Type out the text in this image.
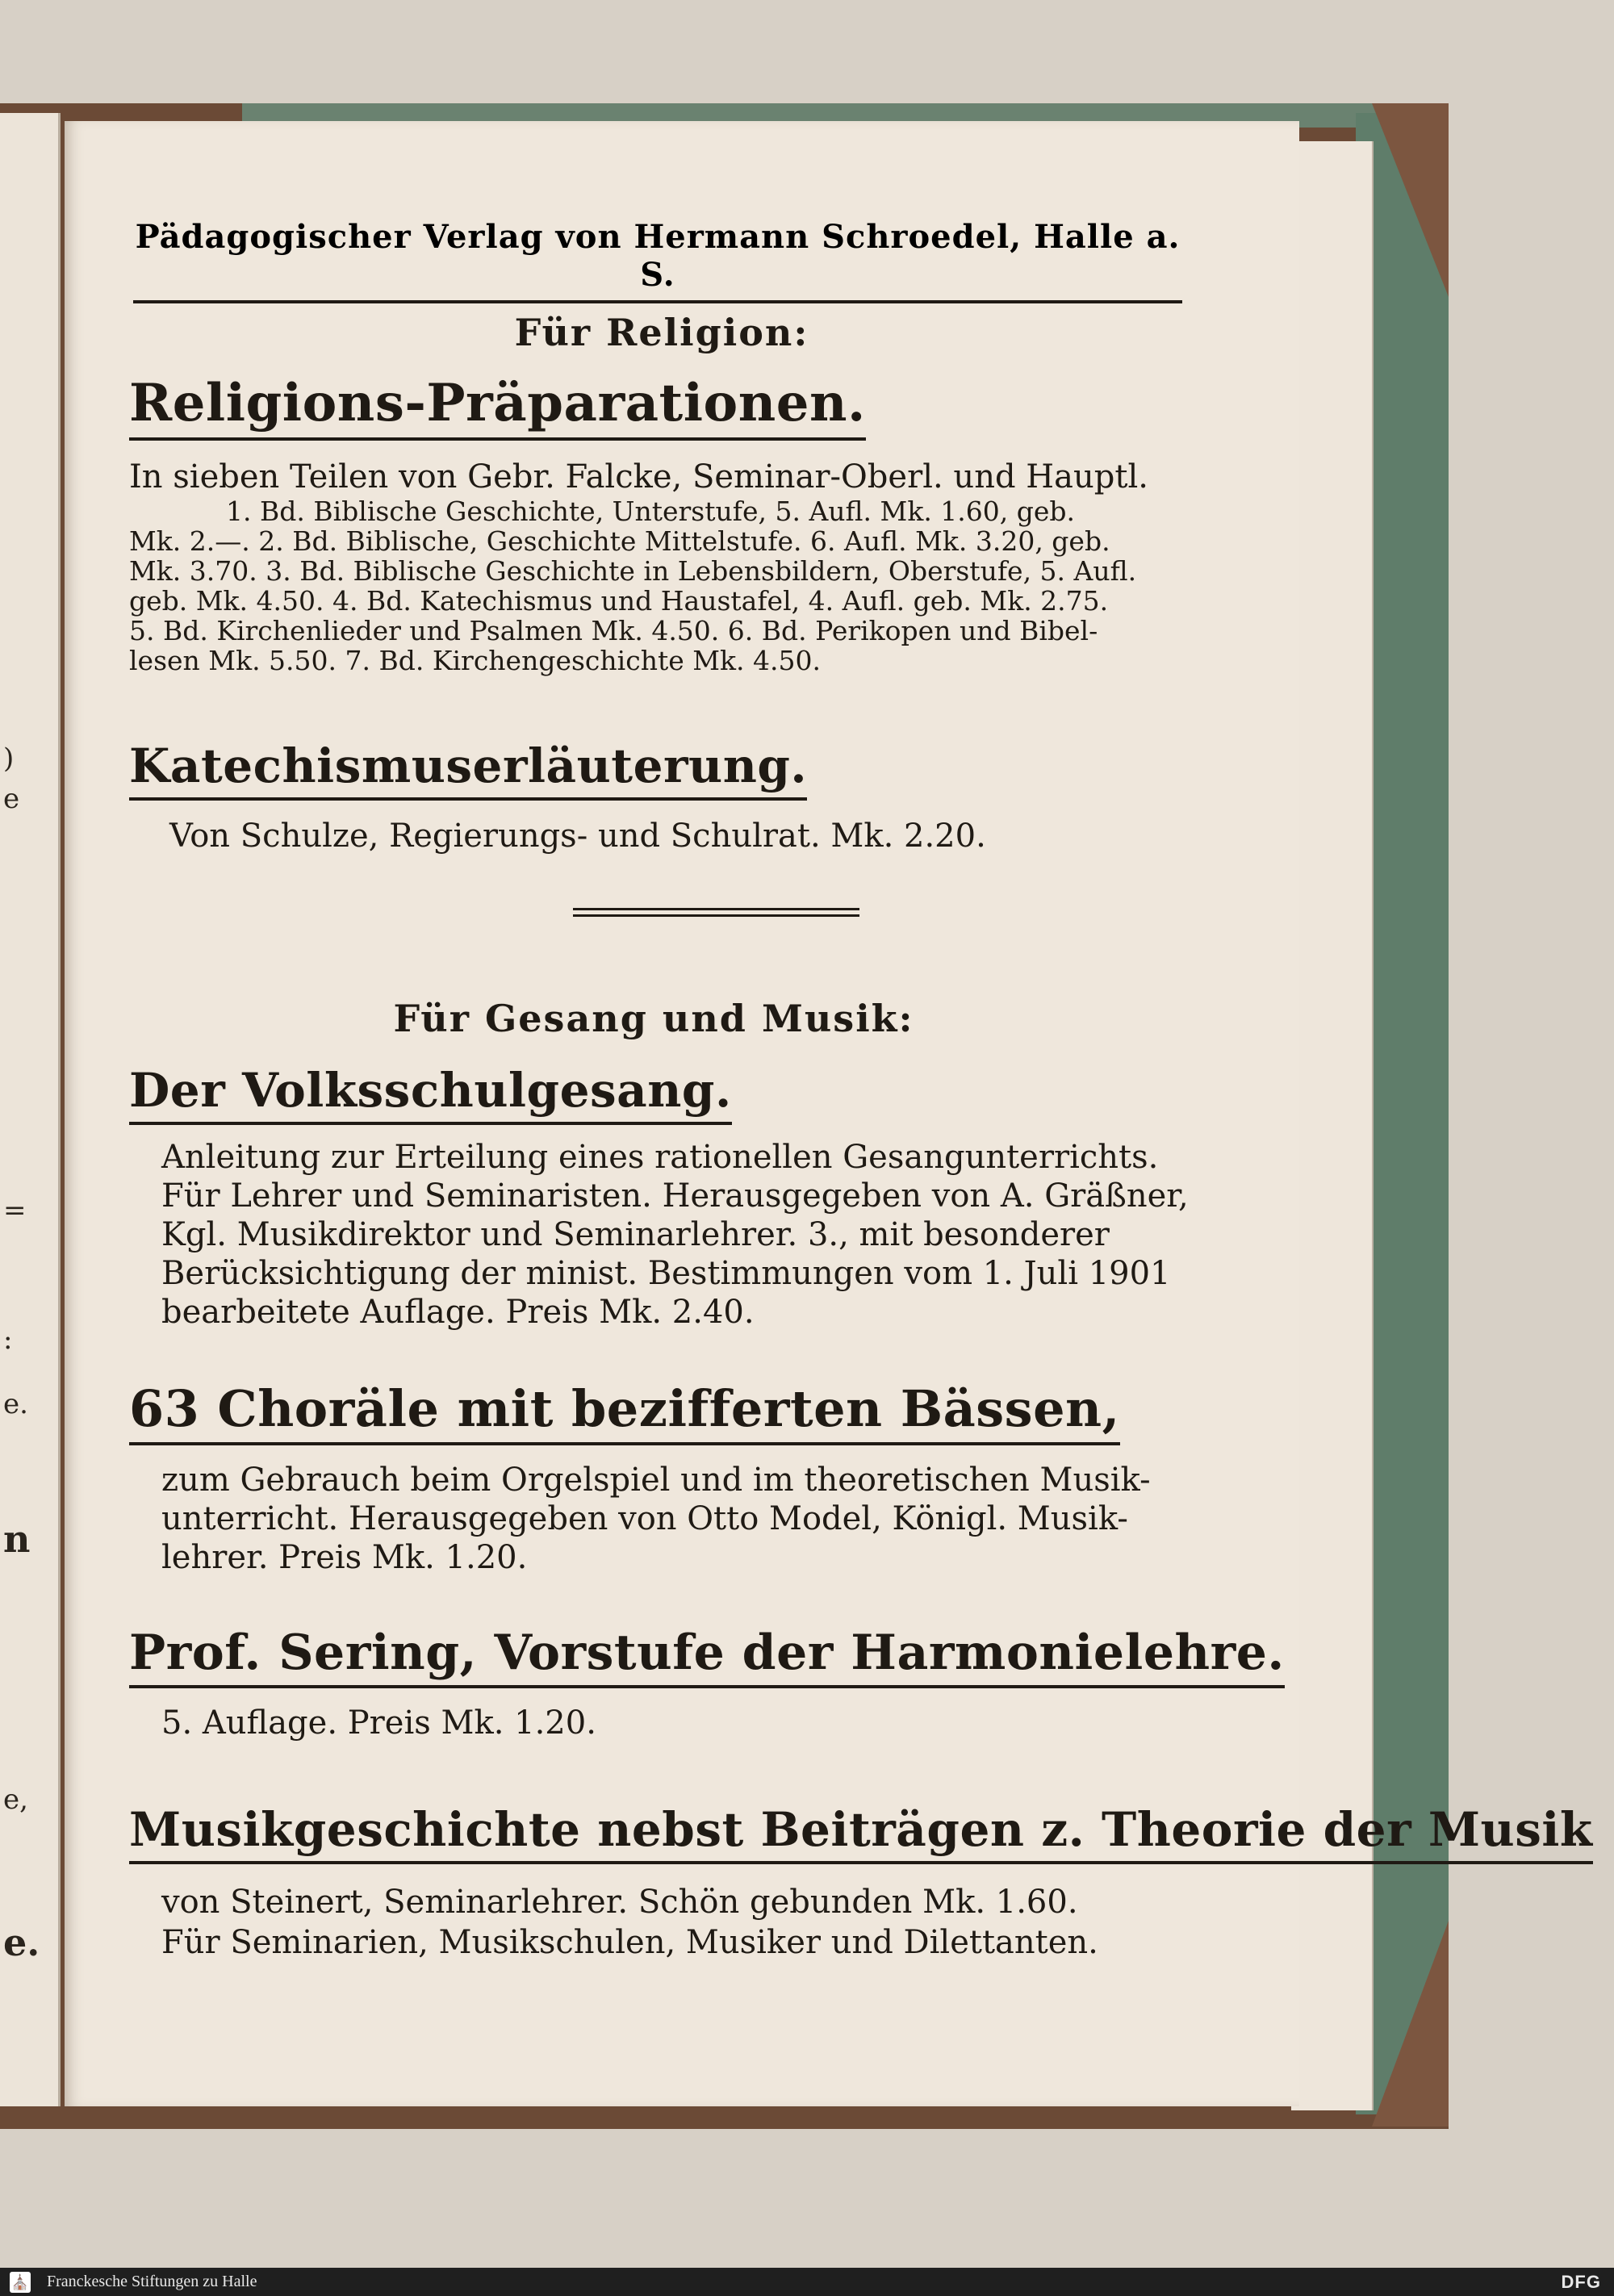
)
e
=
:
e.
n
e,
e.
Pädagogischer Verlag von Hermann Schroedel, Halle a. S.
Für Religion:
Religions-Präparationen.
In sieben Teilen von Gebr. Falcke, Seminar-Oberl. und Hauptl.
1. Bd. Biblische Geschichte, Unterstufe, 5. Aufl. Mk. 1.60, geb.
Mk. 2.—. 2. Bd. Biblische, Geschichte Mittelstufe. 6. Aufl. Mk. 3.20, geb.
Mk. 3.70. 3. Bd. Biblische Geschichte in Lebensbildern, Oberstufe, 5. Aufl.
geb. Mk. 4.50. 4. Bd. Katechismus und Haustafel, 4. Aufl. geb. Mk. 2.75.
5. Bd. Kirchenlieder und Psalmen Mk. 4.50. 6. Bd. Perikopen und Bibel-
lesen Mk. 5.50. 7. Bd. Kirchengeschichte Mk. 4.50.
Katechismuserläuterung.
Von Schulze, Regierungs- und Schulrat. Mk. 2.20.
Für Gesang und Musik:
Der Volksschulgesang.
Anleitung zur Erteilung eines rationellen Gesangunterrichts.
Für Lehrer und Seminaristen. Herausgegeben von A. Gräßner,
Kgl. Musikdirektor und Seminarlehrer. 3., mit besonderer
Berücksichtigung der minist. Bestimmungen vom 1. Juli 1901
bearbeitete Auflage. Preis Mk. 2.40.
63 Choräle mit bezifferten Bässen,
zum Gebrauch beim Orgelspiel und im theoretischen Musik-
unterricht. Herausgegeben von Otto Model, Königl. Musik-
lehrer. Preis Mk. 1.20.
Prof. Sering, Vorstufe der Harmonielehre.
5. Auflage. Preis Mk. 1.20.
Musikgeschichte nebst Beiträgen z. Theorie der Musik
von Steinert, Seminarlehrer. Schön gebunden Mk. 1.60.
Für Seminarien, Musikschulen, Musiker und Dilettanten.
⛪ Franckesche Stiftungen zu Halle	DFG
